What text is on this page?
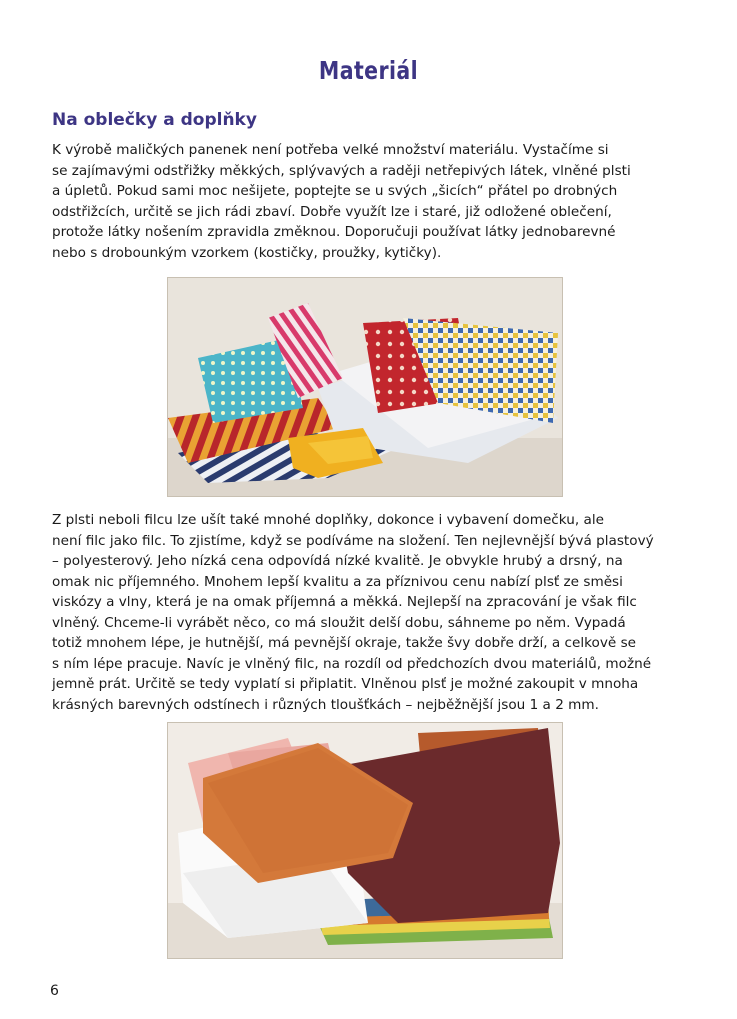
Materiál
Na oblečky a doplňky

K výrobě maličkých panenek není potřeba velké množství materiálu. Vystačíme si
se zajímavými odstřižky měkkých, splývavých a raději netřepivých látek, vlněné plsti
a úpletů. Pokud sami moc nešijete, poptejte se u svých „šicích“ přátel po drobných
odstřižcích, určitě se jich rádi zbaví. Dobře využít lze i staré, již odložené oblečení,
protože látky nošením zpravidla změknou. Doporučuji používat látky jednobarevné
nebo s drobounkým vzorkem (kostičky, proužky, kytičky).

Z plsti neboli filcu lze ušít také mnohé doplňky, dokonce i vybavení domečku, ale
není filc jako filc. To zjistíme, když se podíváme na složení. Ten nejlevnější bývá plastový
– polyesterový. Jeho nízká cena odpovídá nízké kvalitě. Je obvykle hrubý a drsný, na
omak nic příjemného. Mnohem lepší kvalitu a za příznivou cenu nabízí plsť ze směsi
viskózy a vlny, která je na omak příjemná a měkká. Nejlepší na zpracování je však filc
vlněný. Chceme-li vyrábět něco, co má sloužit delší dobu, sáhneme po něm. Vypadá
totiž mnohem lépe, je hutnější, má pevnější okraje, takže švy dobře drží, a celkově se
s ním lépe pracuje. Navíc je vlněný filc, na rozdíl od předchozích dvou materiálů, možné
jemně prát. Určitě se tedy vyplatí si připlatit. Vlněnou plsť je možné zakoupit v mnoha
krásných barevných odstínech i různých tloušťkách – nejběžnější jsou 1 a 2 mm.

6
